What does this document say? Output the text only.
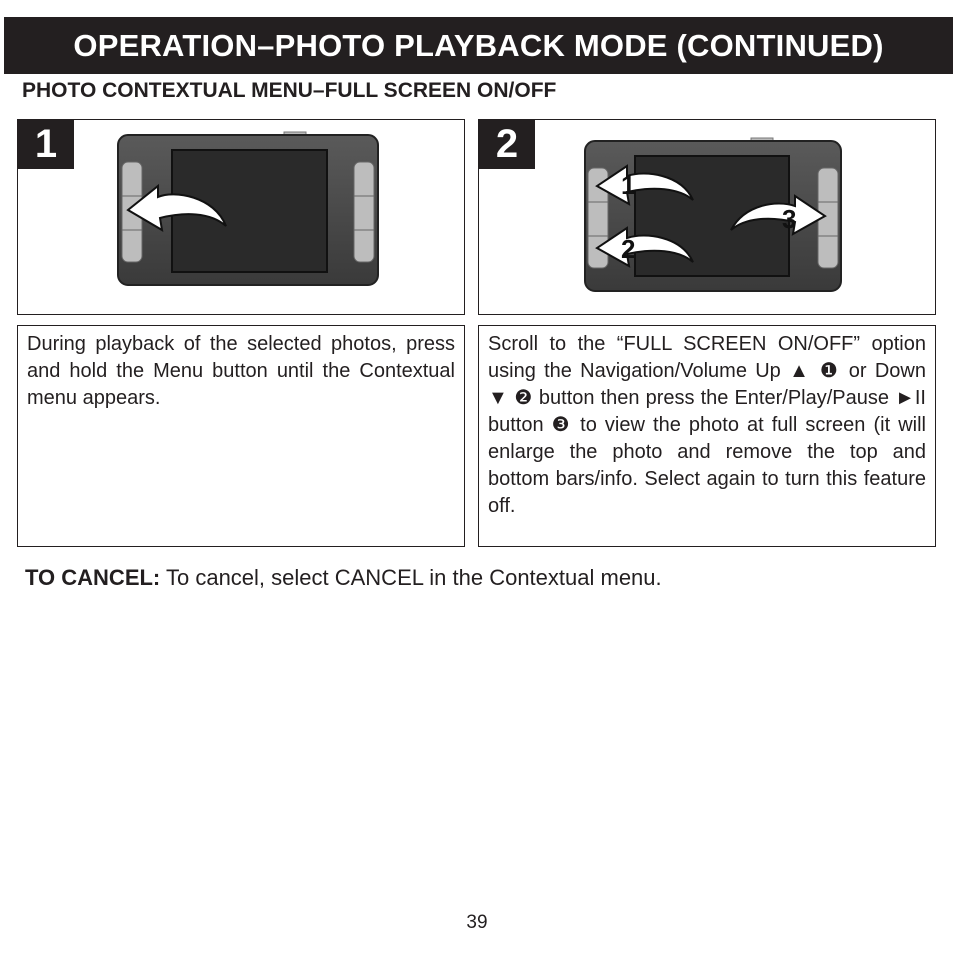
OPERATION–PHOTO PLAYBACK MODE (CONTINUED)
PHOTO CONTEXTUAL MENU–FULL SCREEN ON/OFF
1	2
1
2
3
During playback of the selected photos, press and hold the Menu button until the Contextual menu appears.
Scroll to the “FULL SCREEN ON/OFF” option using the Navigation/Volume Up ▲ ❶ or Down ▼ ❷ button then press the Enter/Play/Pause ►II button ❸ to view the photo at full screen (it will enlarge the photo and remove the top and bottom bars/info. Select again to turn this feature off.
TO CANCEL: To cancel, select CANCEL in the Contextual menu.
39
